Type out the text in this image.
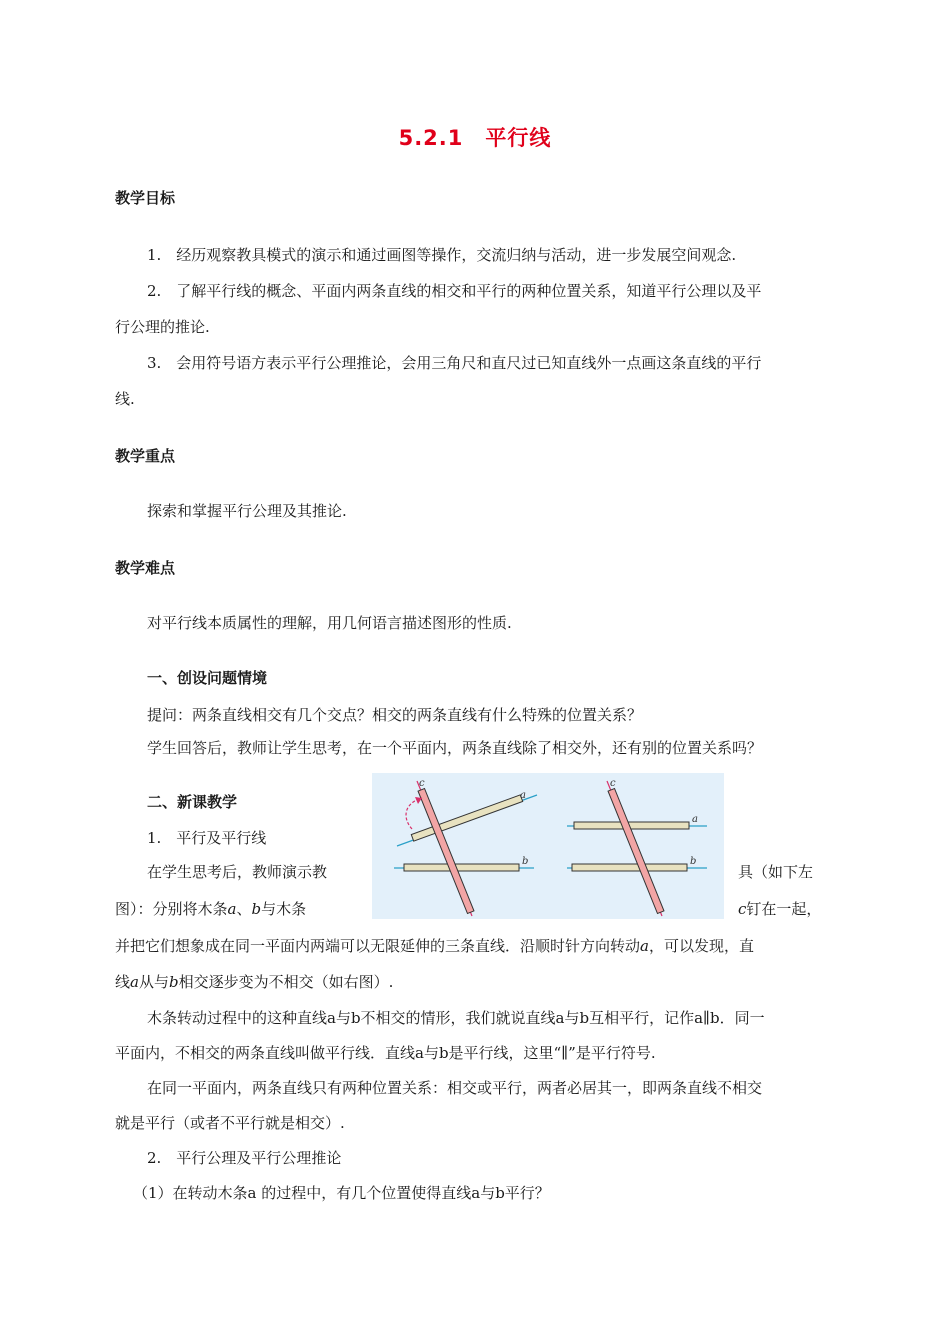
5.2.1　平行线
教学目标
1.　经历观察教具模式的演示和通过画图等操作，交流归纳与活动，进一步发展空间观念.
2.　了解平行线的概念、平面内两条直线的相交和平行的两种位置关系，知道平行公理以及平
行公理的推论.
3.　会用符号语方表示平行公理推论，会用三角尺和直尺过已知直线外一点画这条直线的平行
线.
教学重点
探索和掌握平行公理及其推论.
教学难点
对平行线本质属性的理解，用几何语言描述图形的性质.
一、创设问题情境
提问：两条直线相交有几个交点？相交的两条直线有什么特殊的位置关系？
学生回答后，教师让学生思考，在一个平面内，两条直线除了相交外，还有别的位置关系吗？
二、新课教学
1.　平行及平行线
在学生思考后，教师演示教	具（如下左
图）：分别将木条a、b与木条	c钉在一起，
并把它们想象成在同一平面内两端可以无限延伸的三条直线．沿顺时针方向转动a，可以发现，直
线a从与b相交逐步变为不相交（如右图）.
木条转动过程中的这种直线a与b不相交的情形，我们就说直线a与b互相平行，记作a∥b．同一
平面内，不相交的两条直线叫做平行线．直线a与b是平行线，这里“∥”是平行符号.
在同一平面内，两条直线只有两种位置关系：相交或平行，两者必居其一，即两条直线不相交
就是平行（或者不平行就是相交）.
2.　平行公理及平行公理推论
（1）在转动木条a 的过程中，有几个位置使得直线a与b平行？
c
a
b
c
a
b
